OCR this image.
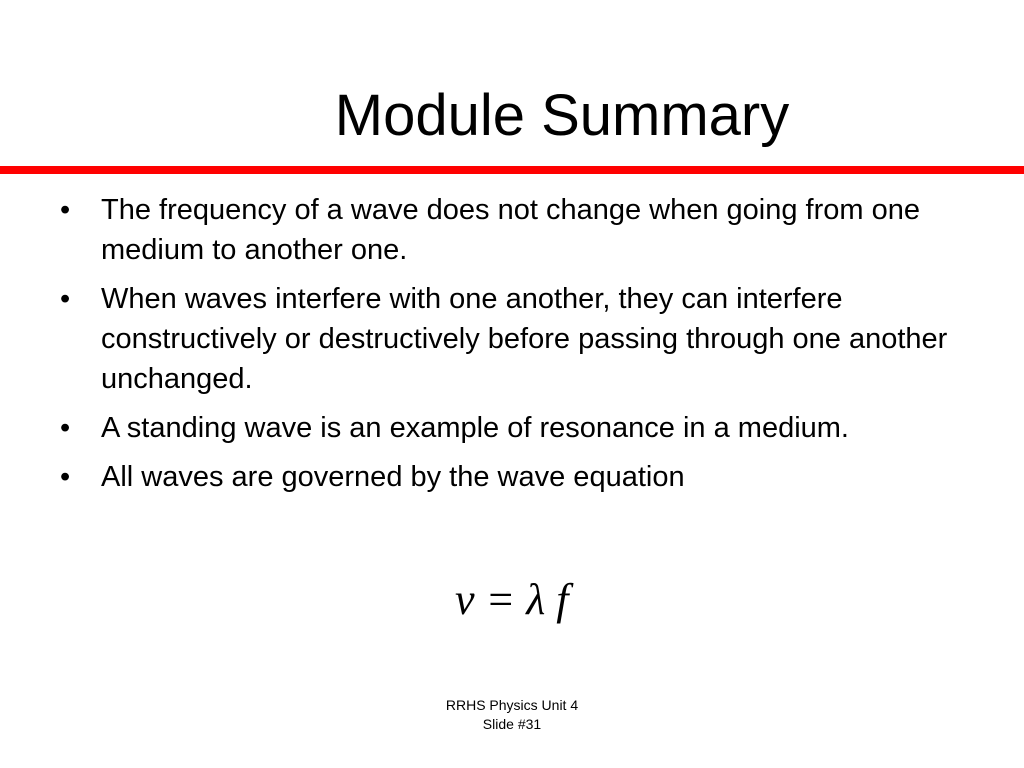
Module Summary
• The frequency of a wave does not change when going from one medium to another one.
• When waves interfere with one another, they can interfere constructively or destructively before passing through one another unchanged.
• A standing wave is an example of resonance in a medium.
• All waves are governed by the wave equation
v = λ f
RRHS Physics Unit 4
Slide #31
